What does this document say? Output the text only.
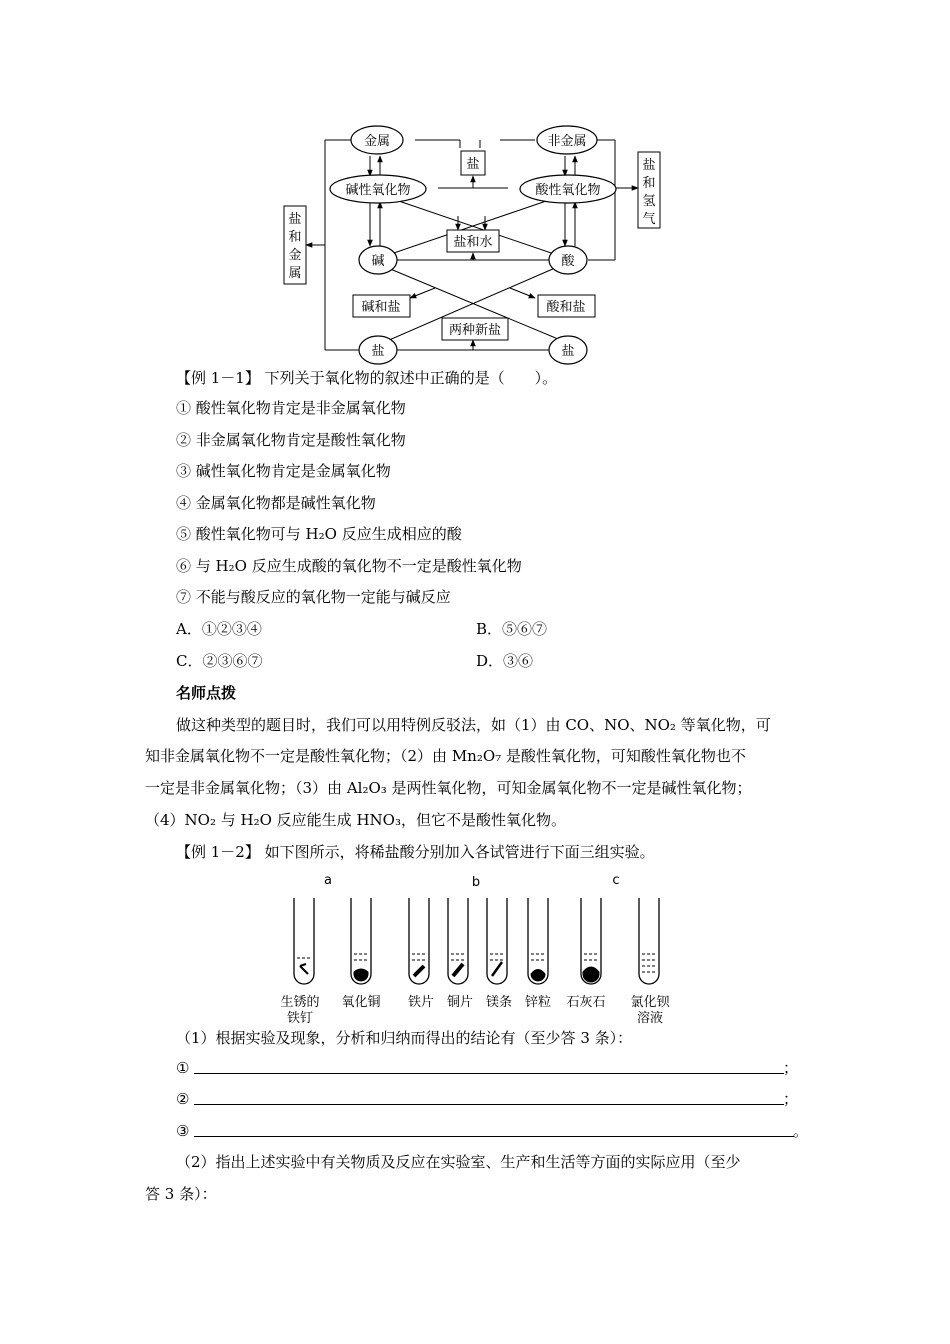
金属	非金属
碱性氧化物	酸性氧化物
碱	酸
盐	盐
盐
盐和水
碱和盐	酸和盐
两种新盐
盐
和
金
属
盐
和
氢
气
【例 1－1】 下列关于氧化物的叙述中正确的是（　　）。
① 酸性氧化物肯定是非金属氧化物
② 非金属氧化物肯定是酸性氧化物
③ 碱性氧化物肯定是金属氧化物
④ 金属氧化物都是碱性氧化物
⑤ 酸性氧化物可与 H₂O 反应生成相应的酸
⑥ 与 H₂O 反应生成酸的氧化物不一定是酸性氧化物
⑦ 不能与酸反应的氧化物一定能与碱反应
A．①②③④	B．⑤⑥⑦
C．②③⑥⑦	D．③⑥
名师点拨
做这种类型的题目时，我们可以用特例反驳法，如（1）由 CO、NO、NO₂ 等氧化物，可
知非金属氧化物不一定是酸性氧化物；（2）由 Mn₂O₇ 是酸性氧化物，可知酸性氧化物也不
一定是非金属氧化物；（3）由 Al₂O₃ 是两性氧化物，可知金属氧化物不一定是碱性氧化物；
（4）NO₂ 与 H₂O 反应能生成 HNO₃，但它不是酸性氧化物。
【例 1－2】 如下图所示，将稀盐酸分别加入各试管进行下面三组实验。
a	b	c
生锈的
铁钉
氧化铜 铁片 铜片 镁条 锌粒 石灰石 氯化钡
溶液
（1）根据实验及现象，分析和归纳而得出的结论有（至少答 3 条）：
①	；
②	；
③	。
（2）指出上述实验中有关物质及反应在实验室、生产和生活等方面的实际应用（至少
答 3 条）：
